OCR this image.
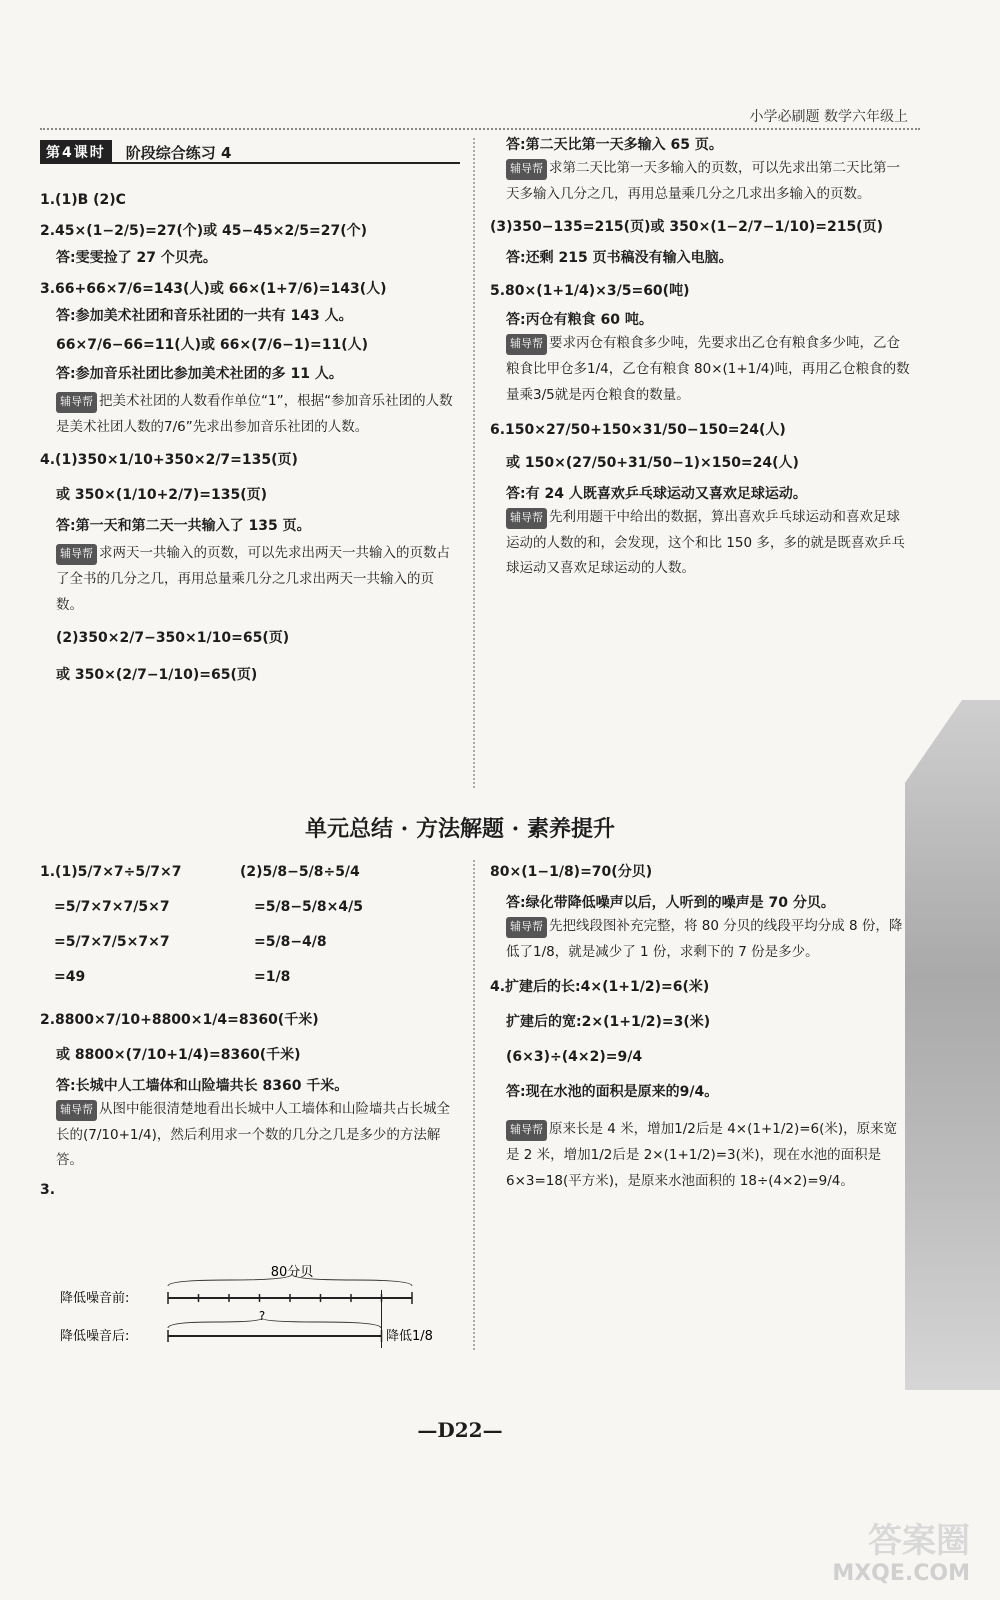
小学必刷题 数学六年级上
第4课时	阶段综合练习 4

1.(1)B (2)C

2.45×(1−2/5)=27(个)或 45−45×2/5=27(个)

答:雯雯捡了 27 个贝壳。

3.66+66×7/6=143(人)或 66×(1+7/6)=143(人)

答:参加美术社团和音乐社团的一共有 143 人。

66×7/6−66=11(人)或 66×(7/6−1)=11(人)

答:参加音乐社团比参加美术社团的多 11 人。

辅导帮 把美术社团的人数看作单位“1”，根据“参加音乐社团的人数是美术社团人数的7/6”先求出参加音乐社团的人数。

4.(1)350×1/10+350×2/7=135(页)

或 350×(1/10+2/7)=135(页)

答:第一天和第二天一共输入了 135 页。

辅导帮 求两天一共输入的页数，可以先求出两天一共输入的页数占了全书的几分之几，再用总量乘几分之几求出两天一共输入的页数。

(2)350×2/7−350×1/10=65(页)

或 350×(2/7−1/10)=65(页)

答:第二天比第一天多输入 65 页。

辅导帮 求第二天比第一天多输入的页数，可以先求出第二天比第一天多输入几分之几，再用总量乘几分之几求出多输入的页数。

(3)350−135=215(页)或 350×(1−2/7−1/10)=215(页)

答:还剩 215 页书稿没有输入电脑。

5.80×(1+1/4)×3/5=60(吨)

答:丙仓有粮食 60 吨。

辅导帮 要求丙仓有粮食多少吨，先要求出乙仓有粮食多少吨，乙仓粮食比甲仓多1/4，乙仓有粮食 80×(1+1/4)吨，再用乙仓粮食的数量乘3/5就是丙仓粮食的数量。

6.150×27/50+150×31/50−150=24(人)

或 150×(27/50+31/50−1)×150=24(人)

答:有 24 人既喜欢乒乓球运动又喜欢足球运动。

辅导帮 先利用题干中给出的数据，算出喜欢乒乓球运动和喜欢足球运动的人数的和，会发现，这个和比 150 多，多的就是既喜欢乒乓球运动又喜欢足球运动的人数。

单元总结 · 方法解题 · 素养提升

1.(1)5/7×7÷5/7×7

=5/7×7×7/5×7

=5/7×7/5×7×7

=49

(2)5/8−5/8÷5/4

=5/8−5/8×4/5

=5/8−4/8

=1/8

2.8800×7/10+8800×1/4=8360(千米)

或 8800×(7/10+1/4)=8360(千米)

答:长城中人工墙体和山险墙共长 8360 千米。

辅导帮 从图中能很清楚地看出长城中人工墙体和山险墙共占长城全长的(7/10+1/4)，然后利用求一个数的几分之几是多少的方法解答。

3.

80分贝
降低噪音前:
?
降低噪音后:	降低1/8

80×(1−1/8)=70(分贝)

答:绿化带降低噪声以后，人听到的噪声是 70 分贝。

辅导帮 先把线段图补充完整，将 80 分贝的线段平均分成 8 份，降低了1/8，就是减少了 1 份，求剩下的 7 份是多少。

4.扩建后的长:4×(1+1/2)=6(米)

扩建后的宽:2×(1+1/2)=3(米)

(6×3)÷(4×2)=9/4

答:现在水池的面积是原来的9/4。

辅导帮 原来长是 4 米，增加1/2后是 4×(1+1/2)=6(米)，原来宽是 2 米，增加1/2后是 2×(1+1/2)=3(米)，现在水池的面积是 6×3=18(平方米)，是原来水池面积的 18÷(4×2)=9/4。

—D22—
答案圈
MXQE.COM
